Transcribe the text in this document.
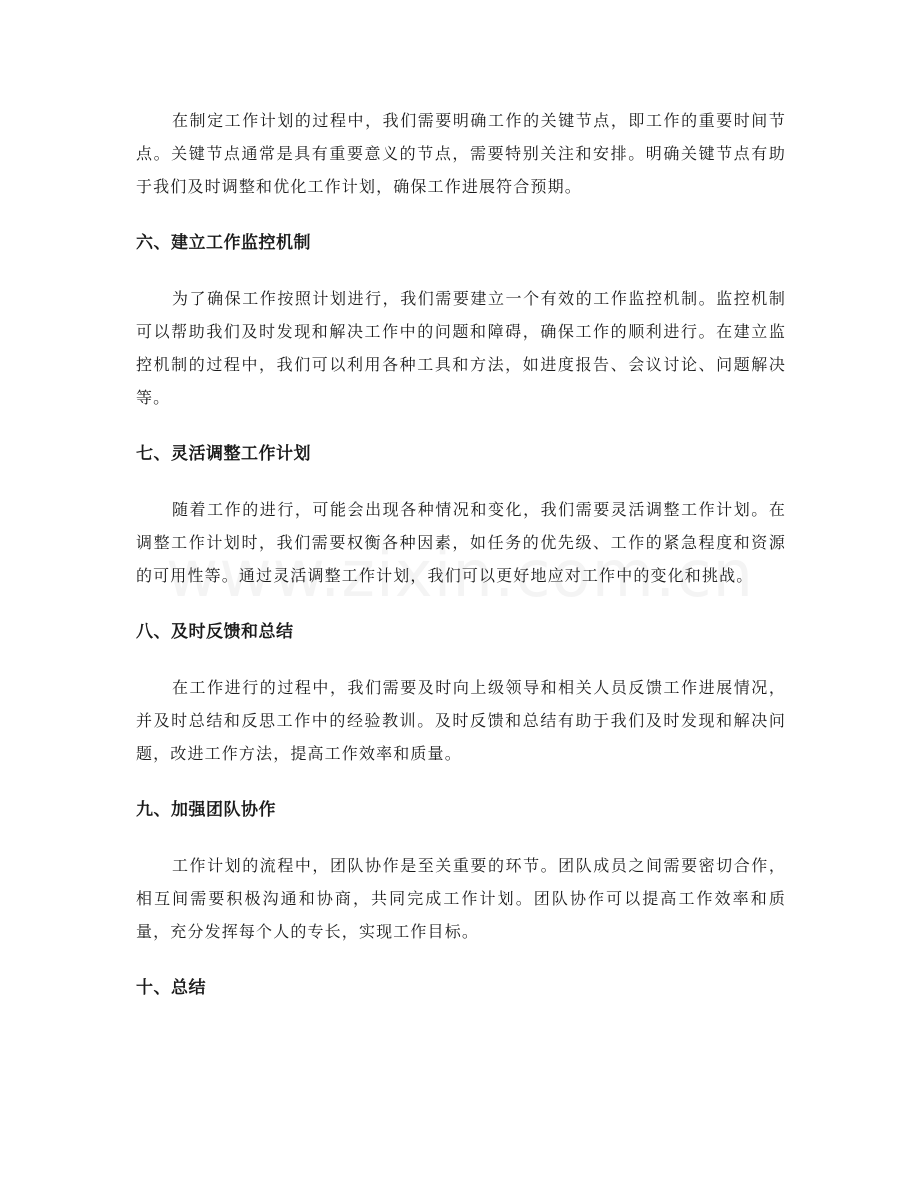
在制定工作计划的过程中，我们需要明确工作的关键节点，即工作的重要时间节点。关键节点通常是具有重要意义的节点，需要特别关注和安排。明确关键节点有助于我们及时调整和优化工作计划，确保工作进展符合预期。

六、建立工作监控机制

为了确保工作按照计划进行，我们需要建立一个有效的工作监控机制。监控机制可以帮助我们及时发现和解决工作中的问题和障碍，确保工作的顺利进行。在建立监控机制的过程中，我们可以利用各种工具和方法，如进度报告、会议讨论、问题解决等。

七、灵活调整工作计划

随着工作的进行，可能会出现各种情况和变化，我们需要灵活调整工作计划。在调整工作计划时，我们需要权衡各种因素，如任务的优先级、工作的紧急程度和资源的可用性等。通过灵活调整工作计划，我们可以更好地应对工作中的变化和挑战。

八、及时反馈和总结

在工作进行的过程中，我们需要及时向上级领导和相关人员反馈工作进展情况，并及时总结和反思工作中的经验教训。及时反馈和总结有助于我们及时发现和解决问题，改进工作方法，提高工作效率和质量。

九、加强团队协作

工作计划的流程中，团队协作是至关重要的环节。团队成员之间需要密切合作，相互间需要积极沟通和协商，共同完成工作计划。团队协作可以提高工作效率和质量，充分发挥每个人的专长，实现工作目标。

十、总结
